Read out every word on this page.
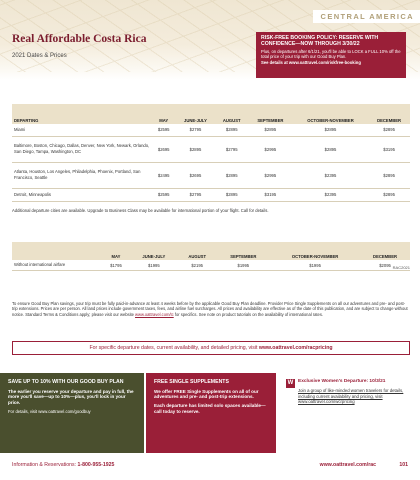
CENTRAL AMERICA
Real Affordable Costa Rica
2021 Dates & Prices
RISK-FREE BOOKING POLICY: RESERVE WITH CONFIDENCE—NOW THROUGH 3/30/22
Plus, on departures after 6/1/21, you'll be able to LOCK a FULL 10% off the total price of your trip with our Good Buy Plan.
See details at www.oattravel.com/riskfree-booking
DEPARTING	MAY	JUNE-JULY	AUGUST	SEPTEMBER	OCTOBER-NOVEMBER	DECEMBER
Miami	$2595	$2795	$2895	$2895	$2895	$2895
Baltimore, Boston, Chicago, Dallas, Denver, New York, Newark, Orlando, San Diego, Tampa, Washington, DC	$2695	$2895	$2795	$2995	$2895	$3195
Atlanta, Houston, Los Angeles, Philadelphia, Phoenix, Portland, San Francisco, Seattle	$2495	$2695	$2895	$2995	$2395	$2895
Detroit, Minneapolis	$2595	$2795	$2895	$3195	$2395	$2895
Additional departure cities are available. Upgrade to Business Class may be available for international portion of your flight. Call for details.
	MAY	JUNE-JULY	AUGUST	SEPTEMBER	OCTOBER-NOVEMBER	DECEMBER
Without international airfare	$1795	$1995	$2195	$1995	$1995	$2095 RAC2021
To ensure Good Buy Plan savings, your trip must be fully paid-in-advance at least 4 weeks before by the applicable Good Buy Plan deadline. Provider Price Single Supplements on all our adventures and pre- and post-trip extensions. Prices are per person. All land prices include government taxes, fees, and airline fuel surcharges. All prices and availability are effective as of the date of this publication, and are subject to change without notice. Standard Terms & Conditions apply; please visit our website www.oattravel.com/tc for specifics. See note on product tutorials on the availability of international rates.
For specific departure dates, current availability, and detailed pricing, visit www.oattravel.com/racpricing
SAVE UP TO 10% WITH OUR GOOD BUY PLAN
The earlier you reserve your departure and pay in full, the more you'll save—up to 10%—plus, you'll lock in your price.
For details, visit www.oattravel.com/goodbuy
FREE SINGLE SUPPLEMENTS
We offer FREE Single Supplements on all of our adventures and pre- and post-trip extensions.
Each departure has limited solo spaces available—call today to reserve.
W Exclusive Women's Departure: 10/3/21
Join a group of like-minded women travelers for details, including current availability and pricing, visit www.oattravel.com/wcrpricing
Information & Reservations: 1-800-955-1925	www.oattravel.com/rac	101
